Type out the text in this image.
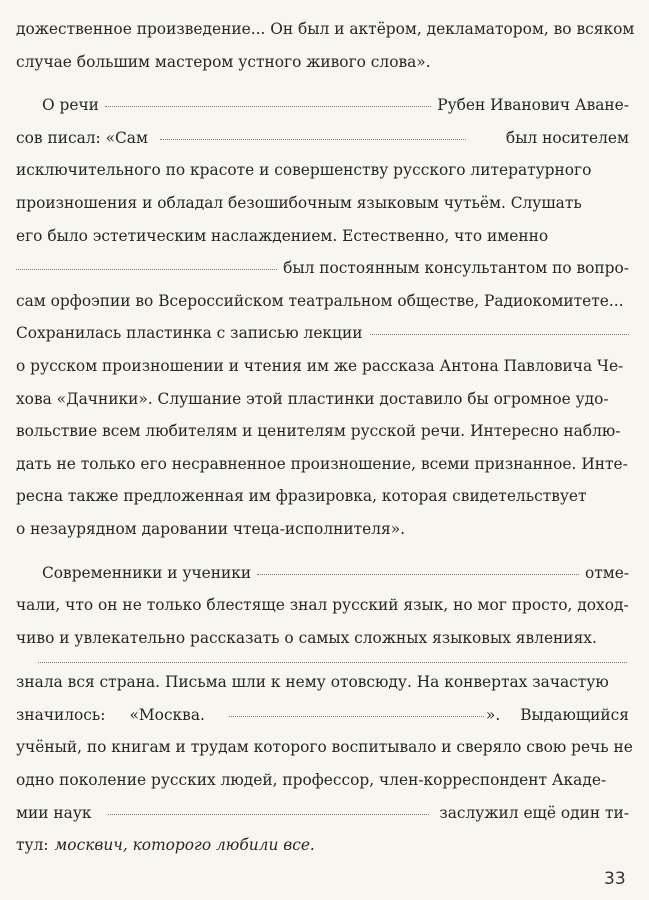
дожественное произведение... Он был и актёром, декламатором, во всяком
случае большим мастером устного живого слова».
О речи	Рубен Иванович Аване-
сов писал: «Сам	был носителем
исключительного по красоте и совершенству русского литературного
произношения и обладал безошибочным языковым чутьём. Слушать
его было эстетическим наслаждением. Естественно, что именно
был постоянным консультантом по вопро-
сам орфоэпии во Всероссийском театральном обществе, Радиокомитете...
Сохранилась пластинка с записью лекции
о русском произношении и чтения им же рассказа Антона Павловича Че-
хова «Дачники». Слушание этой пластинки доставило бы огромное удо-
вольствие всем любителям и ценителям русской речи. Интересно наблю-
дать не только его несравненное произношение, всеми признанное. Инте-
ресна также предложенная им фразировка, которая свидетельствует
о незаурядном даровании чтеца-исполнителя».
Современники и ученики	отме-
чали, что он не только блестяще знал русский язык, но мог просто, доход-
чиво и увлекательно рассказать о самых сложных языковых явлениях.
знала вся страна. Письма шли к нему отовсюду. На конвертах зачастую
значилось: «Москва.	». Выдающийся
учёный, по книгам и трудам которого воспитывало и сверяло свою речь не
одно поколение русских людей, профессор, член-корреспондент Акаде-
мии наук	заслужил ещё один ти-
тул: москвич, которого любили все.
33
